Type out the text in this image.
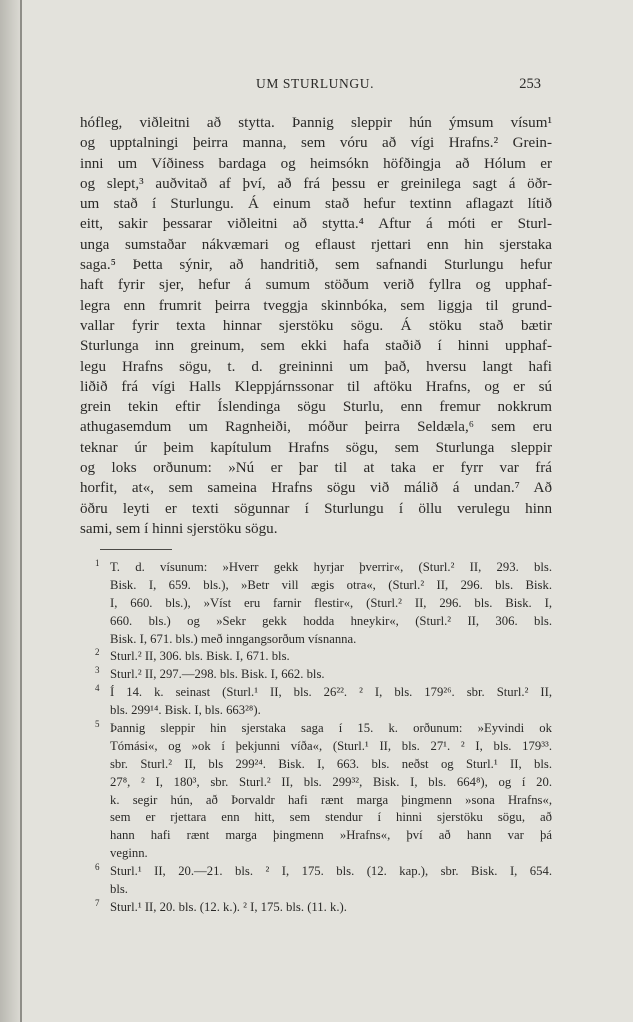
UM STURLUNGU.	253
hófleg, viðleitni að stytta. Þannig sleppir hún ýmsum vísum¹
og upptalningi þeirra manna, sem vóru að vígi Hrafns.² Grein-
inni um Víðiness bardaga og heimsókn höfðingja að Hólum er
og slept,³ auðvitað af því, að frá þessu er greinilega sagt á öðr-
um stað í Sturlungu. Á einum stað hefur textinn aflagazt lítið
eitt, sakir þessarar viðleitni að stytta.⁴ Aftur á móti er Sturl-
unga sumstaðar nákvæmari og eflaust rjettari enn hin sjerstaka
saga.⁵ Þetta sýnir, að handritið, sem safnandi Sturlungu hefur
haft fyrir sjer, hefur á sumum stöðum verið fyllra og upphaf-
legra enn frumrit þeirra tveggja skinnbóka, sem liggja til grund-
vallar fyrir texta hinnar sjerstöku sögu. Á stöku stað bætir
Sturlunga inn greinum, sem ekki hafa staðið í hinni upphaf-
legu Hrafns sögu, t. d. greininni um það, hversu langt hafi
liðið frá vígi Halls Kleppjárnssonar til aftöku Hrafns, og er sú
grein tekin eftir Íslendinga sögu Sturlu, enn fremur nokkrum
athugasemdum um Ragnheiði, móður þeirra Seldæla,⁶ sem eru
teknar úr þeim kapítulum Hrafns sögu, sem Sturlunga sleppir
og loks orðunum: »Nú er þar til at taka er fyrr var frá
horfit, at«, sem sameina Hrafns sögu við málið á undan.⁷ Að
öðru leyti er texti sögunnar í Sturlungu í öllu verulegu hinn
sami, sem í hinni sjerstöku sögu.
1 T. d. vísunum: »Hverr gekk hyrjar þverrir«, (Sturl.² II, 293. bls.
Bisk. I, 659. bls.), »Betr vill ægis otra«, (Sturl.² II, 296. bls. Bisk.
I, 660. bls.), »Víst eru farnir flestir«, (Sturl.² II, 296. bls. Bisk. I,
660. bls.) og »Sekr gekk hodda hneykir«, (Sturl.² II, 306. bls.
Bisk. I, 671. bls.) með inngangsorðum vísnanna.
2 Sturl.² II, 306. bls. Bisk. I, 671. bls.
3 Sturl.² II, 297.—298. bls. Bisk. I, 662. bls.
4 Í 14. k. seinast (Sturl.¹ II, bls. 26²². ² I, bls. 179²⁶. sbr. Sturl.² II,
bls. 299¹⁴. Bisk. I, bls. 663²⁸).
5 Þannig sleppir hin sjerstaka saga í 15. k. orðunum: »Eyvindi ok
Tómási«, og »ok í þekjunni víða«, (Sturl.¹ II, bls. 27¹. ² I, bls. 179³³.
sbr. Sturl.² II, bls 299²⁴. Bisk. I, 663. bls. neðst og Sturl.¹ II, bls.
27⁸, ² I, 180³, sbr. Sturl.² II, bls. 299³², Bisk. I, bls. 664⁸), og í 20.
k. segir hún, að Þorvaldr hafi rænt marga þingmenn »sona Hrafns«,
sem er rjettara enn hitt, sem stendur í hinni sjerstöku sögu, að
hann hafi rænt marga þingmenn »Hrafns«, því að hann var þá
veginn.
6 Sturl.¹ II, 20.—21. bls. ² I, 175. bls. (12. kap.), sbr. Bisk. I, 654.
bls.
7 Sturl.¹ II, 20. bls. (12. k.). ² I, 175. bls. (11. k.).
